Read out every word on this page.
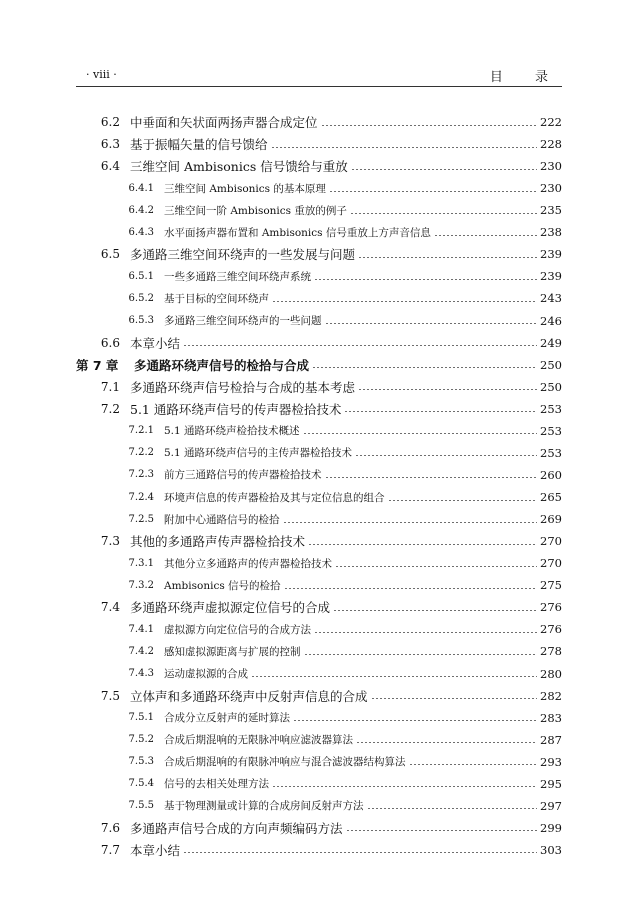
· viii ·	目 录
6.2 中垂面和矢状面两扬声器合成定位	222
6.3 基于振幅矢量的信号馈给	228
6.4 三维空间 Ambisonics 信号馈给与重放	230
6.4.1 三维空间 Ambisonics 的基本原理	230
6.4.2 三维空间一阶 Ambisonics 重放的例子	235
6.4.3 水平面扬声器布置和 Ambisonics 信号重放上方声音信息	238
6.5 多通路三维空间环绕声的一些发展与问题	239
6.5.1 一些多通路三维空间环绕声系统	239
6.5.2 基于目标的空间环绕声	243
6.5.3 多通路三维空间环绕声的一些问题	246
6.6 本章小结	249
第 7 章 多通路环绕声信号的检拾与合成	250
7.1 多通路环绕声信号检拾与合成的基本考虑	250
7.2 5.1 通路环绕声信号的传声器检拾技术	253
7.2.1 5.1 通路环绕声检拾技术概述	253
7.2.2 5.1 通路环绕声信号的主传声器检拾技术	253
7.2.3 前方三通路信号的传声器检拾技术	260
7.2.4 环境声信息的传声器检拾及其与定位信息的组合	265
7.2.5 附加中心通路信号的检拾	269
7.3 其他的多通路声传声器检拾技术	270
7.3.1 其他分立多通路声的传声器检拾技术	270
7.3.2 Ambisonics 信号的检拾	275
7.4 多通路环绕声虚拟源定位信号的合成	276
7.4.1 虚拟源方向定位信号的合成方法	276
7.4.2 感知虚拟源距离与扩展的控制	278
7.4.3 运动虚拟源的合成	280
7.5 立体声和多通路环绕声中反射声信息的合成	282
7.5.1 合成分立反射声的延时算法	283
7.5.2 合成后期混响的无限脉冲响应滤波器算法	287
7.5.3 合成后期混响的有限脉冲响应与混合滤波器结构算法	293
7.5.4 信号的去相关处理方法	295
7.5.5 基于物理测量或计算的合成房间反射声方法	297
7.6 多通路声信号合成的方向声频编码方法	299
7.7 本章小结	303
